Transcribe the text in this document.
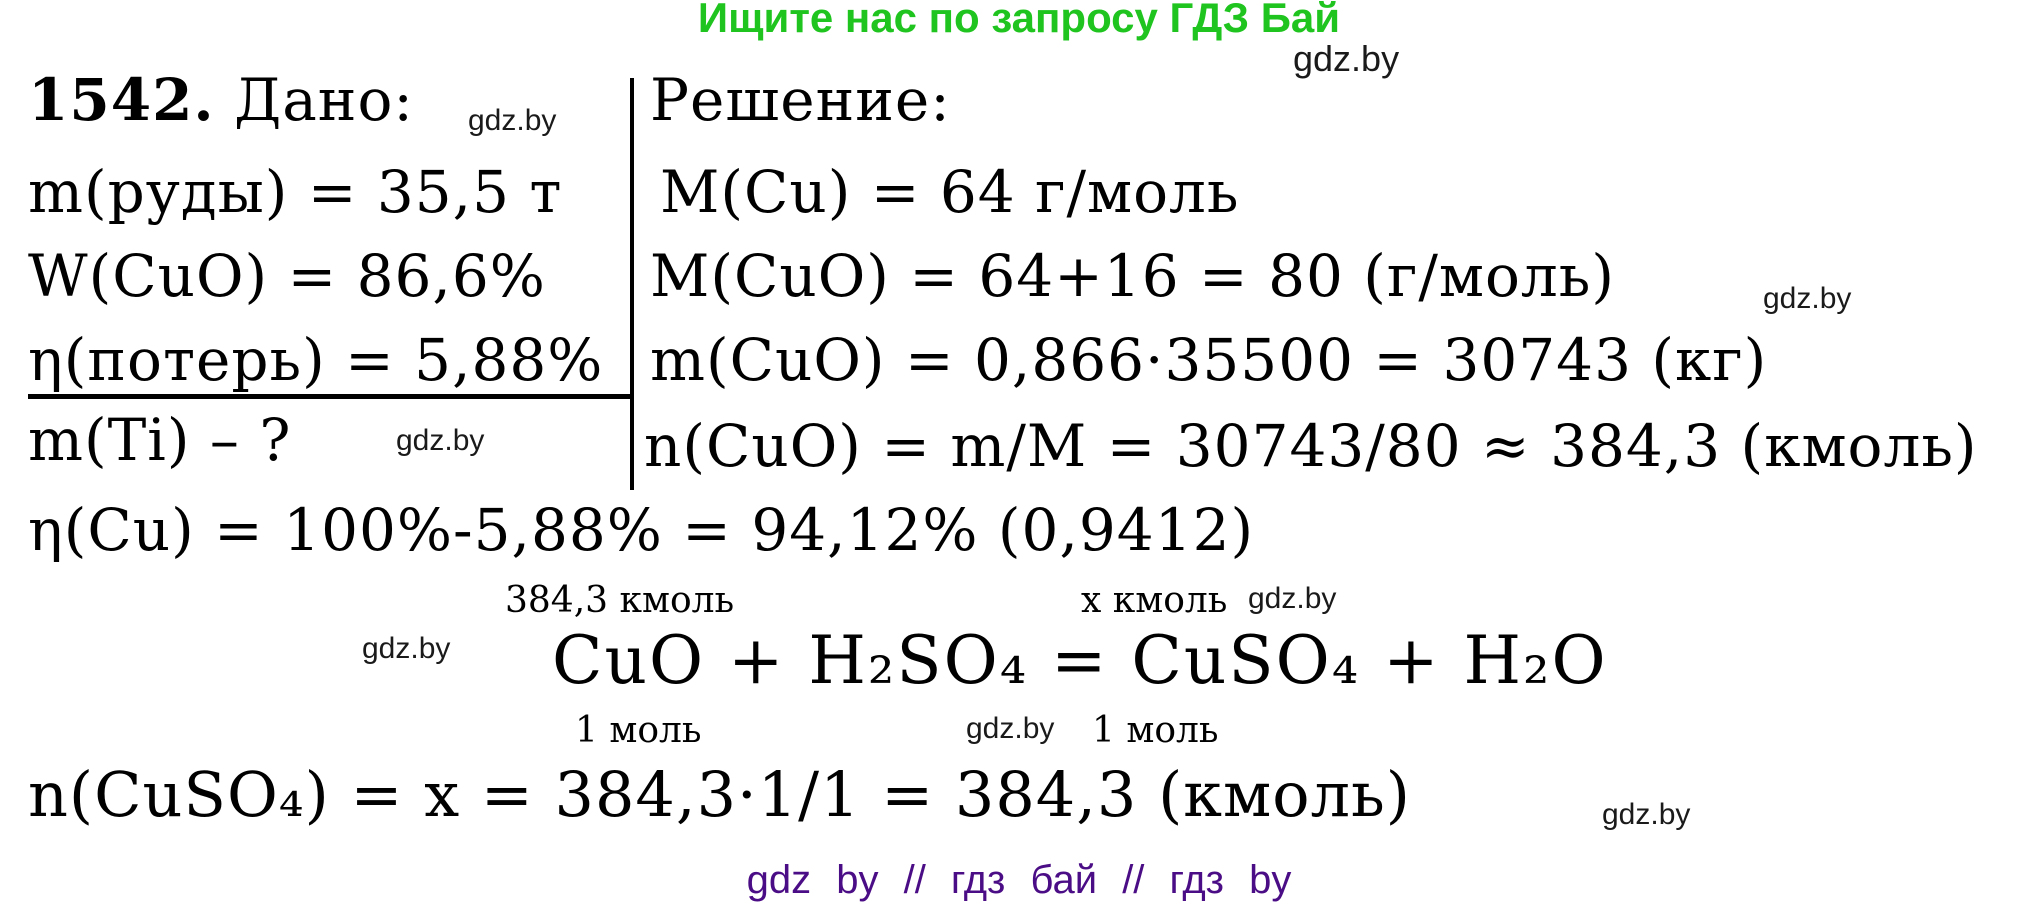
Ищите нас по запросу ГДЗ Бай
gdz.by
1542. Дано: gdz.by
m(руды) = 35,5 т
W(CuO) = 86,6%
η(потерь) = 5,88%
m(Ti) – ?	gdz.by
Решение:
M(Cu) = 64 г/моль
M(CuO) = 64+16 = 80 (г/моль)	gdz.by
m(CuO) = 0,866·35500 = 30743 (кг)
n(CuO) = m/M = 30743/80 ≈ 384,3 (кмоль)
η(Cu) = 100%-5,88% = 94,12% (0,9412)
384,3 кмоль	x кмоль gdz.by
gdz.by CuO + H₂SO₄ = CuSO₄ + H₂O
1 моль	gdz.by 1 моль
n(CuSO₄) = x = 384,3·1/1 = 384,3 (кмоль)	gdz.by
gdz by // гдз бай // гдз by
